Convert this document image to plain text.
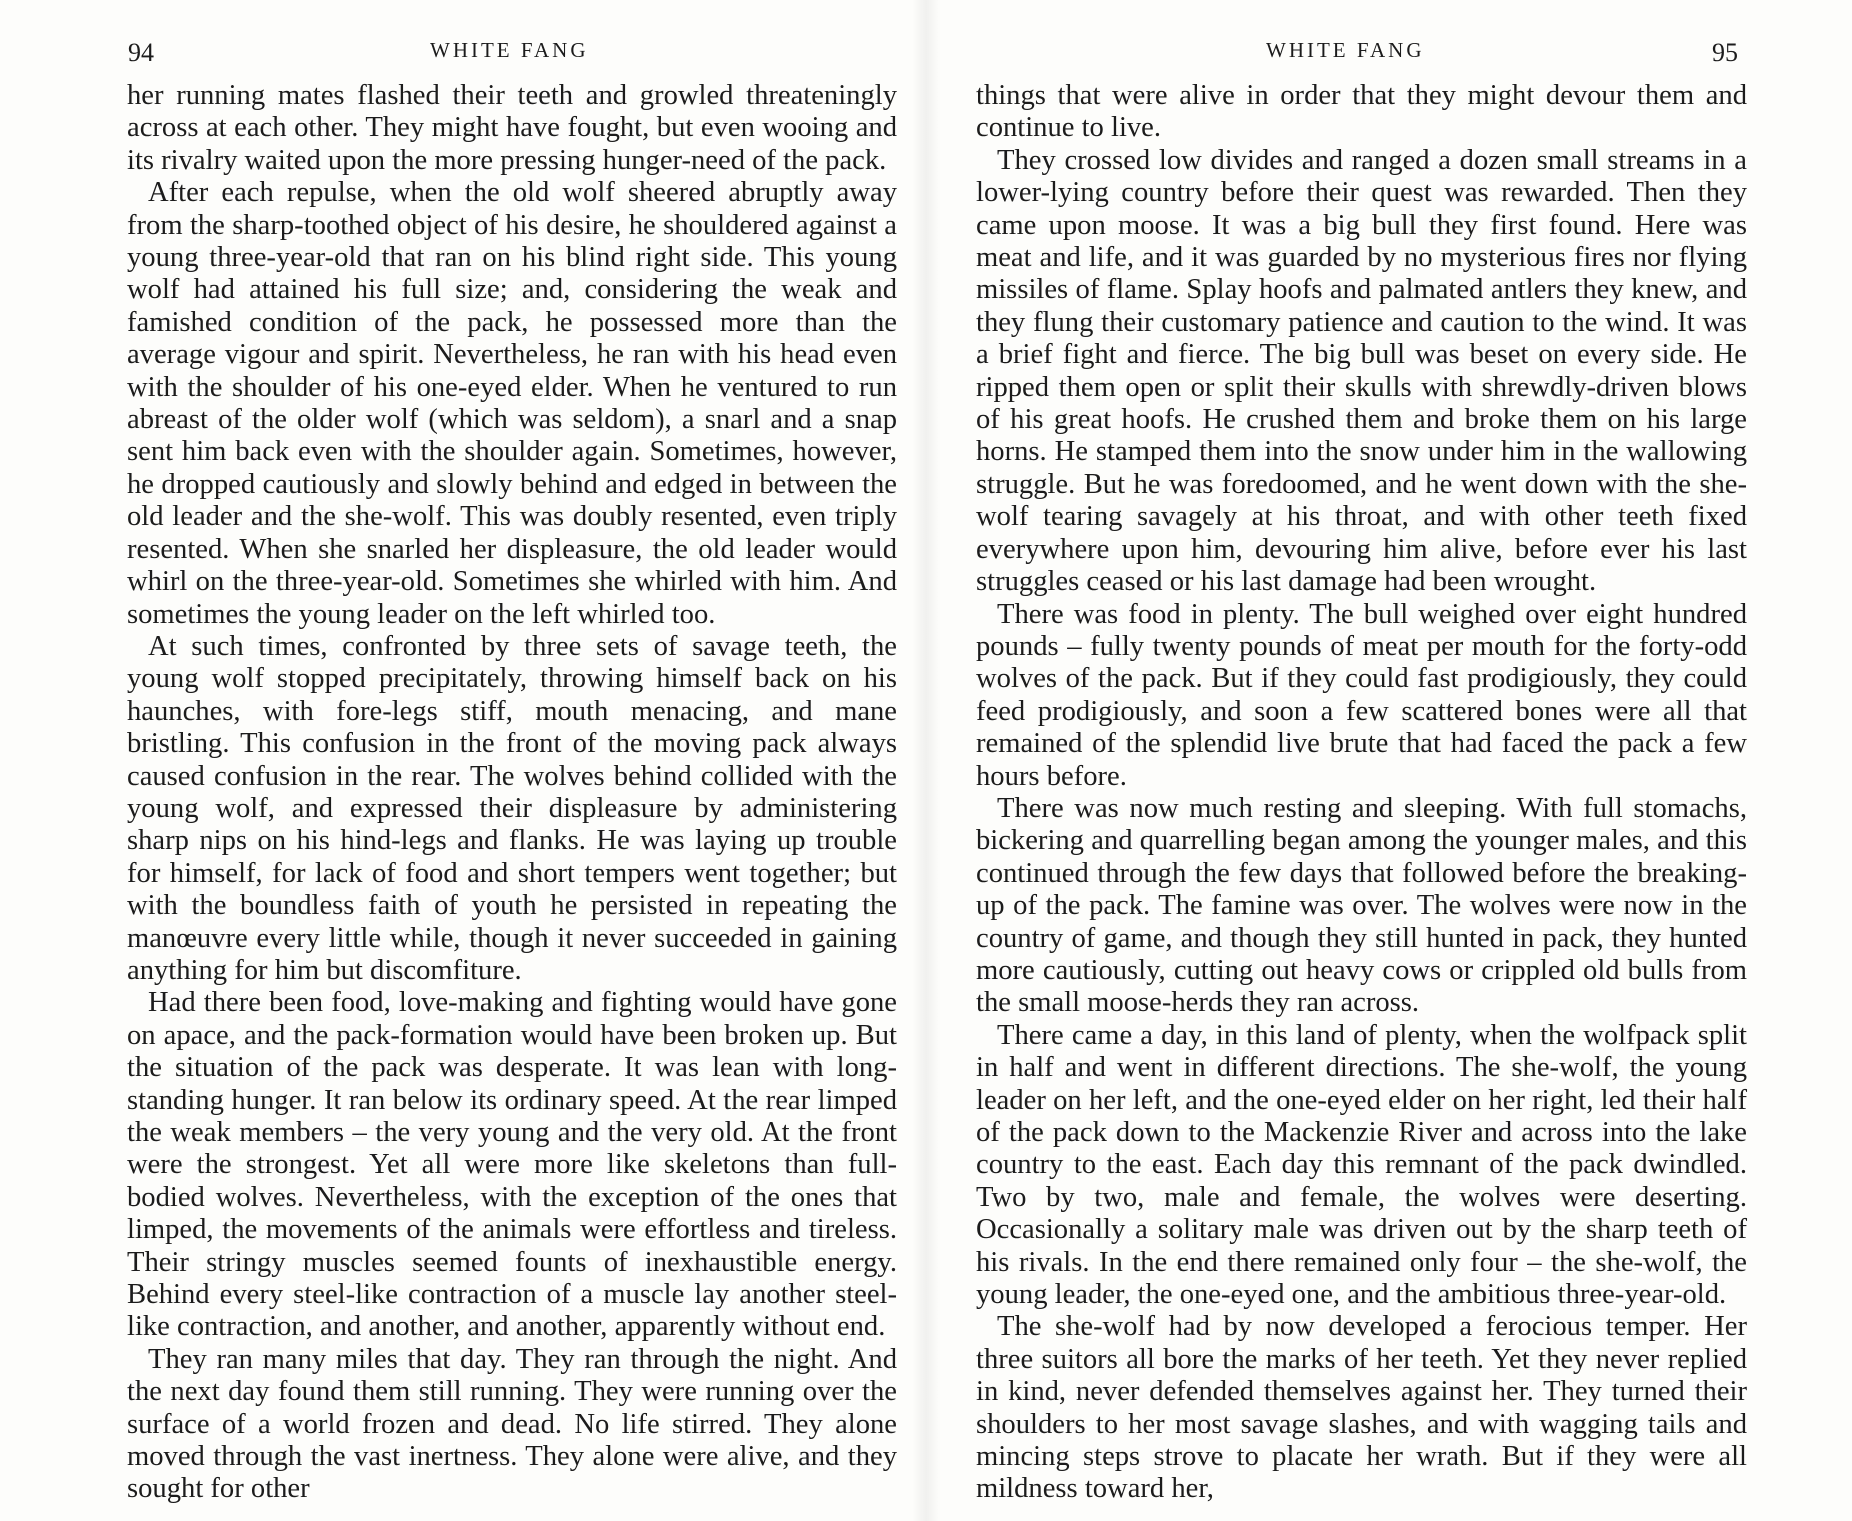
94	WHITE FANG

her running mates flashed their teeth and growled threateningly across at each other. They might have fought, but even wooing and its rivalry waited upon the more pressing hunger-need of the pack.

After each repulse, when the old wolf sheered abruptly away from the sharp-toothed object of his desire, he shouldered against a young three-year-old that ran on his blind right side. This young wolf had attained his full size; and, considering the weak and famished condition of the pack, he possessed more than the average vigour and spirit. Nevertheless, he ran with his head even with the shoulder of his one-eyed elder. When he ventured to run abreast of the older wolf (which was seldom), a snarl and a snap sent him back even with the shoulder again. Sometimes, however, he dropped cautiously and slowly behind and edged in between the old leader and the she-wolf. This was doubly resented, even triply resented. When she snarled her displeasure, the old leader would whirl on the three-year-old. Sometimes she whirled with him. And sometimes the young leader on the left whirled too.

At such times, confronted by three sets of savage teeth, the young wolf stopped precipitately, throwing himself back on his haunches, with fore-legs stiff, mouth menacing, and mane bristling. This confusion in the front of the moving pack always caused confusion in the rear. The wolves behind collided with the young wolf, and expressed their displeasure by administering sharp nips on his hind-legs and flanks. He was laying up trouble for himself, for lack of food and short tempers went together; but with the boundless faith of youth he persisted in repeating the manœuvre every little while, though it never succeeded in gaining anything for him but discomfiture.

Had there been food, love-making and fighting would have gone on apace, and the pack-formation would have been broken up. But the situation of the pack was desperate. It was lean with long-standing hunger. It ran below its ordinary speed. At the rear limped the weak members – the very young and the very old. At the front were the strongest. Yet all were more like skeletons than full-bodied wolves. Nevertheless, with the exception of the ones that limped, the movements of the animals were effortless and tireless. Their stringy muscles seemed founts of inexhaustible energy. Behind every steel-like contraction of a muscle lay another steel-like contraction, and another, and another, apparently without end.

They ran many miles that day. They ran through the night. And the next day found them still running. They were running over the surface of a world frozen and dead. No life stirred. They alone moved through the vast inertness. They alone were alive, and they sought for other

WHITE FANG	95

things that were alive in order that they might devour them and continue to live.

They crossed low divides and ranged a dozen small streams in a lower-lying country before their quest was rewarded. Then they came upon moose. It was a big bull they first found. Here was meat and life, and it was guarded by no mysterious fires nor flying missiles of flame. Splay hoofs and palmated antlers they knew, and they flung their customary patience and caution to the wind. It was a brief fight and fierce. The big bull was beset on every side. He ripped them open or split their skulls with shrewdly-driven blows of his great hoofs. He crushed them and broke them on his large horns. He stamped them into the snow under him in the wallowing struggle. But he was foredoomed, and he went down with the she-wolf tearing savagely at his throat, and with other teeth fixed everywhere upon him, devouring him alive, before ever his last struggles ceased or his last damage had been wrought.

There was food in plenty. The bull weighed over eight hundred pounds – fully twenty pounds of meat per mouth for the forty-odd wolves of the pack. But if they could fast prodigiously, they could feed prodigiously, and soon a few scattered bones were all that remained of the splendid live brute that had faced the pack a few hours before.

There was now much resting and sleeping. With full stomachs, bickering and quarrelling began among the younger males, and this continued through the few days that followed before the breaking-up of the pack. The famine was over. The wolves were now in the country of game, and though they still hunted in pack, they hunted more cautiously, cutting out heavy cows or crippled old bulls from the small moose-herds they ran across.

There came a day, in this land of plenty, when the wolfpack split in half and went in different directions. The she-wolf, the young leader on her left, and the one-eyed elder on her right, led their half of the pack down to the Mackenzie River and across into the lake country to the east. Each day this remnant of the pack dwindled. Two by two, male and female, the wolves were deserting. Occasionally a solitary male was driven out by the sharp teeth of his rivals. In the end there remained only four – the she-wolf, the young leader, the one-eyed one, and the ambitious three-year-old.

The she-wolf had by now developed a ferocious temper. Her three suitors all bore the marks of her teeth. Yet they never replied in kind, never defended themselves against her. They turned their shoulders to her most savage slashes, and with wagging tails and mincing steps strove to placate her wrath. But if they were all mildness toward her,
